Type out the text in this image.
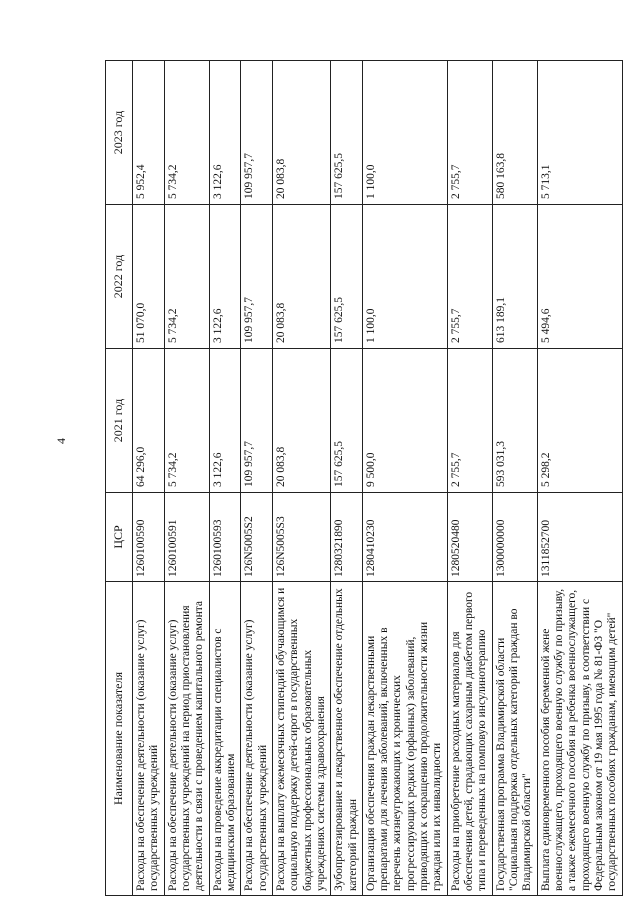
4
Наименование показателя	ЦСР	2021 год	2022 год	2023 год
Расходы на обеспечение деятельности (оказание услуг) государственных учреждений	1260100590	64 296,0	51 070,0	5 952,4
Расходы на обеспечение деятельности (оказание услуг) государственных учреждений на период приостановления деятельности в связи с проведением капитального ремонта	1260100591	5 734,2	5 734,2	5 734,2
Расходы на проведение аккредитации специалистов с медицинским образованием	1260100593	3 122,6	3 122,6	3 122,6
Расходы на обеспечение деятельности (оказание услуг) государственных учреждений	126N5005S2	109 957,7	109 957,7	109 957,7
Расходы на выплату ежемесячных стипендий обучающимся и социальную поддержку детей-сирот в государственных бюджетных профессиональных образовательных учреждениях системы здравоохранения	126N5005S3	20 083,8	20 083,8	20 083,8
Зубопротезирование и лекарственное обеспечение отдельных категорий граждан	1280321890	157 625,5	157 625,5	157 625,5
Организация обеспечения граждан лекарственными препаратами для лечения заболеваний, включенных в перечень жизнеугрожающих и хронических прогрессирующих редких (орфанных) заболеваний, приводящих к сокращению продолжительности жизни граждан или их инвалидности	1280410230	9 500,0	1 100,0	1 100,0
Расходы на приобретение расходных материалов для обеспечения детей, страдающих сахарным диабетом первого типа и переведенных на помповую инсулинотерапию	1280520480	2 755,7	2 755,7	2 755,7
Государственная программа Владимирской области "Социальная поддержка отдельных категорий граждан во Владимирской области"	1300000000	593 031,3	613 189,1	580 163,8
Выплата единовременного пособия беременной жене военнослужащего, проходящего военную службу по призыву, а также ежемесячного пособия на ребенка военнослужащего, проходящего военную службу по призыву, в соответствии с Федеральным законом от 19 мая 1995 года № 81-ФЗ "О государственных пособиях гражданам, имеющим детей"	1311852700	5 298,2	5 494,6	5 713,1
